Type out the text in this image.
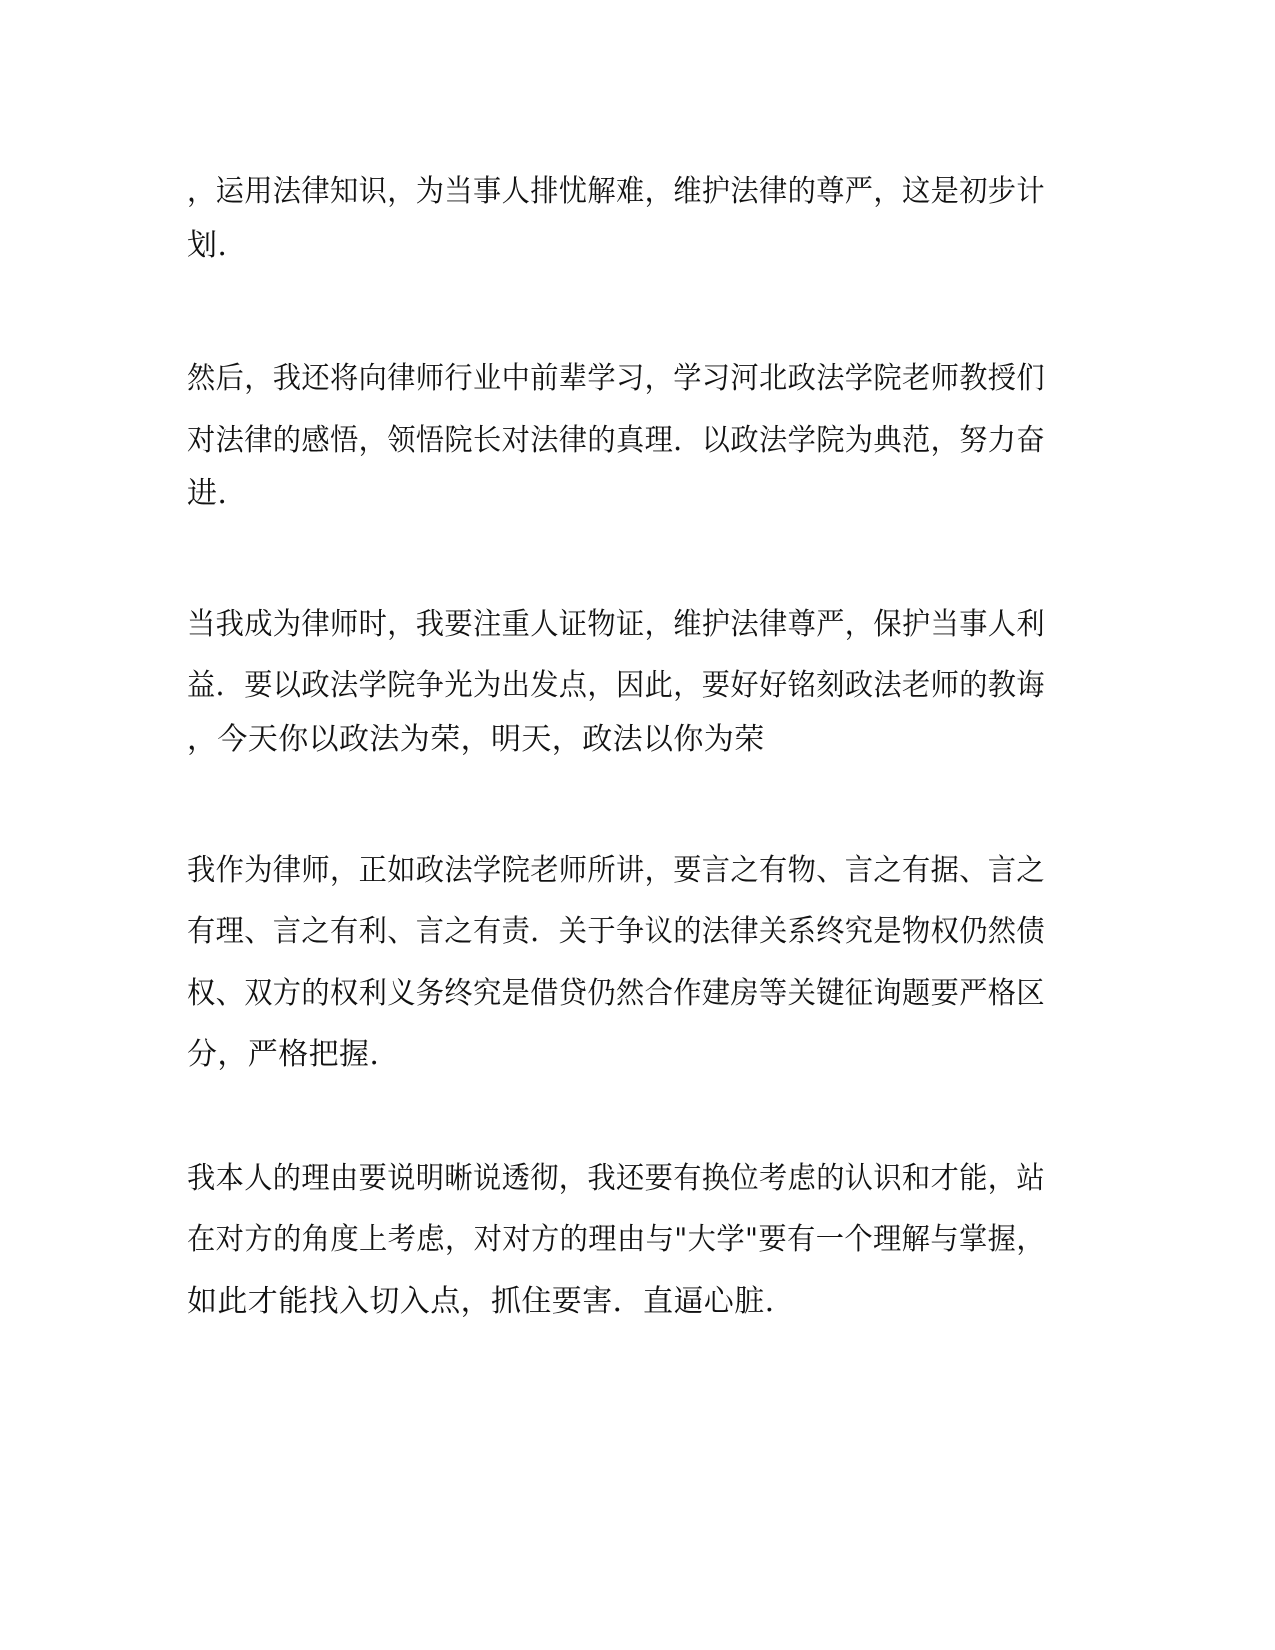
，运用法律知识，为当事人排忧解难，维护法律的尊严，这是初步计

划.

然后，我还将向律师行业中前辈学习，学习河北政法学院老师教授们

对法律的感悟，领悟院长对法律的真理．以政法学院为典范，努力奋

进.

当我成为律师时，我要注重人证物证，维护法律尊严，保护当事人利

益．要以政法学院争光为出发点，因此，要好好铭刻政法老师的教诲

，今天你以政法为荣，明天，政法以你为荣

我作为律师，正如政法学院老师所讲，要言之有物、言之有据、言之

有理、言之有利、言之有责．关于争议的法律关系终究是物权仍然债

权、双方的权利义务终究是借贷仍然合作建房等关键征询题要严格区

分，严格把握.

我本人的理由要说明晰说透彻，我还要有换位考虑的认识和才能，站

在对方的角度上考虑，对对方的理由与"大学"要有一个理解与掌握，

如此才能找入切入点，抓住要害．直逼心脏.
